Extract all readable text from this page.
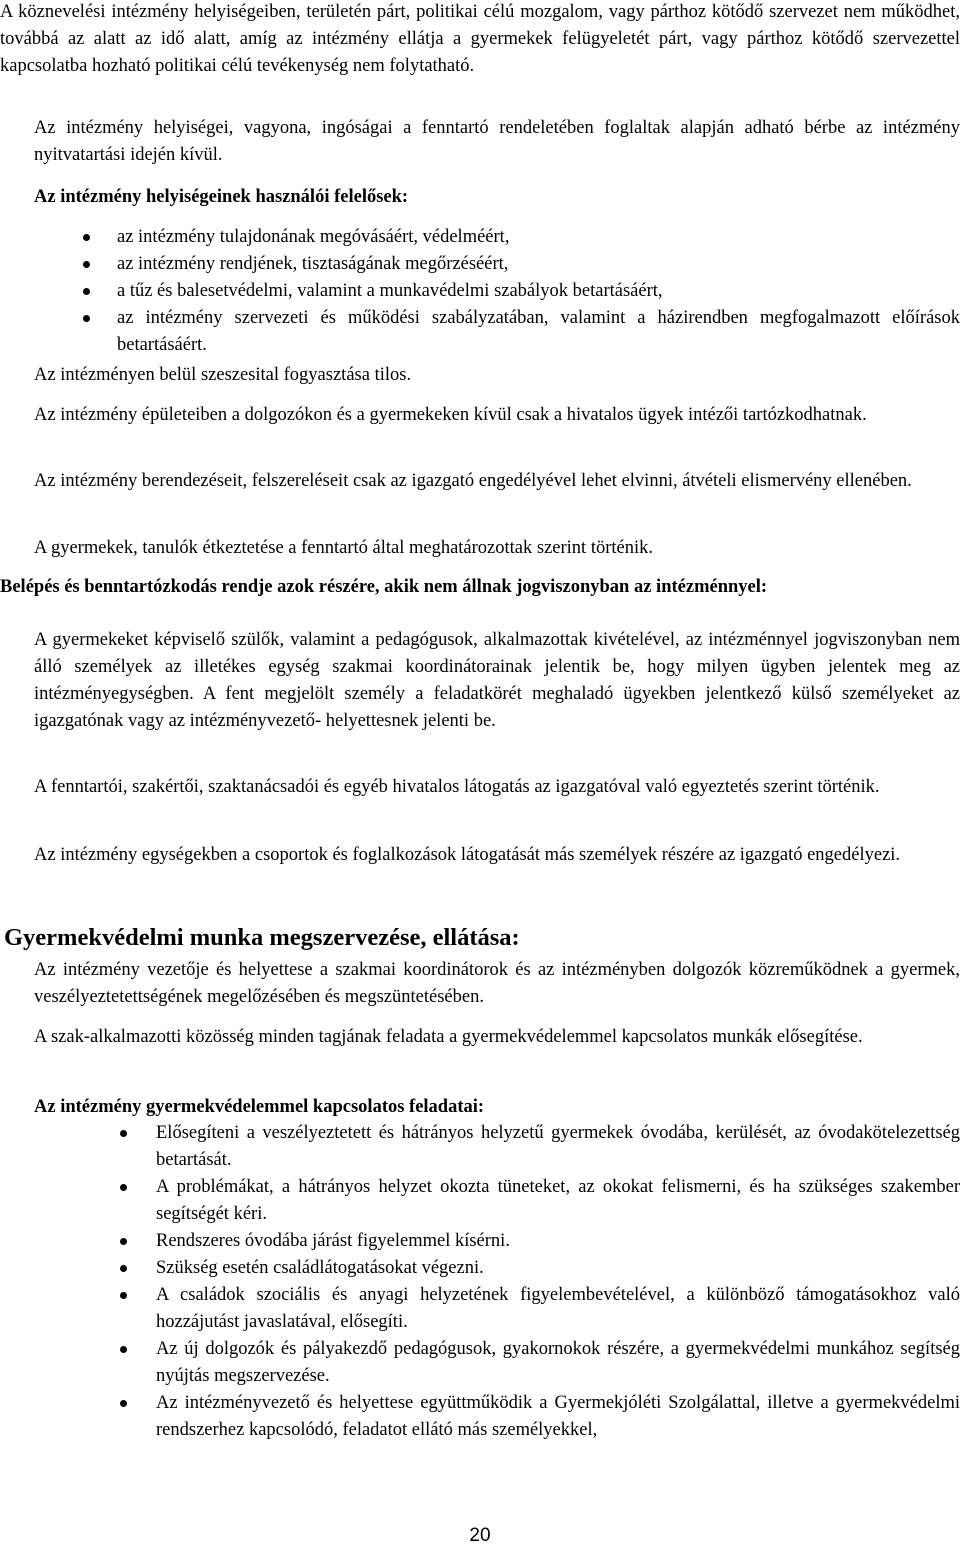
A köznevelési intézmény helyiségeiben, területén párt, politikai célú mozgalom, vagy párthoz kötődő szervezet nem működhet, továbbá az alatt az idő alatt, amíg az intézmény ellátja a gyermekek felügyeletét párt, vagy párthoz kötődő szervezettel kapcsolatba hozható politikai célú tevékenység nem folytatható.
Az intézmény helyiségei, vagyona, ingóságai a fenntartó rendeletében foglaltak alapján adható bérbe az intézmény nyitvatartási idején kívül.
Az intézmény helyiségeinek használói felelősek:
az intézmény tulajdonának megóvásáért, védelméért,
az intézmény rendjének, tisztaságának megőrzéséért,
a tűz és balesetvédelmi, valamint a munkavédelmi szabályok betartásáért,
az intézmény szervezeti és működési szabályzatában, valamint a házirendben megfogalmazott előírások betartásáért.
Az intézményen belül szeszesital fogyasztása tilos.
Az intézmény épületeiben a dolgozókon és a gyermekeken kívül csak a hivatalos ügyek intézői tartózkodhatnak.
Az intézmény berendezéseit, felszereléseit csak az igazgató engedélyével lehet elvinni, átvételi elismervény ellenében.
A gyermekek, tanulók étkeztetése a fenntartó által meghatározottak szerint történik.
Belépés és benntartózkodás rendje azok részére, akik nem állnak jogviszonyban az intézménnyel:
A gyermekeket képviselő szülők, valamint a pedagógusok, alkalmazottak kivételével, az intézménnyel jogviszonyban nem álló személyek az illetékes egység szakmai koordinátorainak jelentik be, hogy milyen ügyben jelentek meg az intézményegységben. A fent megjelölt személy a feladatkörét meghaladó ügyekben jelentkező külső személyeket az igazgatónak vagy az intézményvezető- helyettesnek jelenti be.
A fenntartói, szakértői, szaktanácsadói és egyéb hivatalos látogatás az igazgatóval való egyeztetés szerint történik.
Az intézmény egységekben a csoportok és foglalkozások látogatását más személyek részére az igazgató engedélyezi.
Gyermekvédelmi munka megszervezése, ellátása:
Az intézmény vezetője és helyettese a szakmai koordinátorok és az intézményben dolgozók közreműködnek a gyermek, veszélyeztetettségének megelőzésében és megszüntetésében.
A szak-alkalmazotti közösség minden tagjának feladata a gyermekvédelemmel kapcsolatos munkák elősegítése.
Az intézmény gyermekvédelemmel kapcsolatos feladatai:
Elősegíteni a veszélyeztetett és hátrányos helyzetű gyermekek óvodába, kerülését, az óvodakötelezettség betartását.
A problémákat, a hátrányos helyzet okozta tüneteket, az okokat felismerni, és ha szükséges szakember segítségét kéri.
Rendszeres óvodába járást figyelemmel kísérni.
Szükség esetén családlátogatásokat végezni.
A családok szociális és anyagi helyzetének figyelembevételével, a különböző támogatásokhoz való hozzájutást javaslatával, elősegíti.
Az új dolgozók és pályakezdő pedagógusok, gyakornokok részére, a gyermekvédelmi munkához segítség nyújtás megszervezése.
Az intézményvezető és helyettese együttműködik a Gyermekjóléti Szolgálattal, illetve a gyermekvédelmi rendszerhez kapcsolódó, feladatot ellátó más személyekkel,
20
